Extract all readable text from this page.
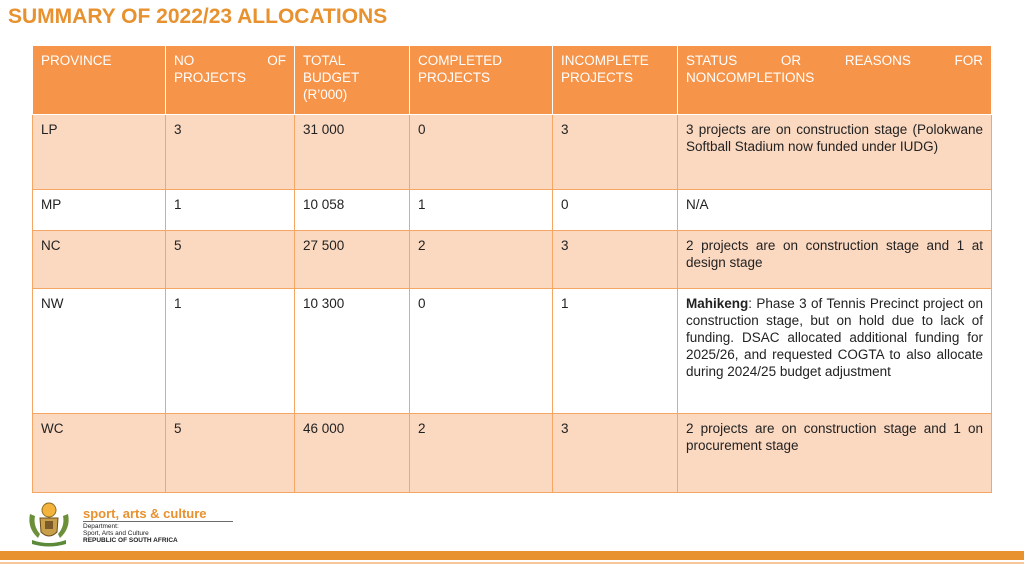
SUMMARY OF 2022/23 ALLOCATIONS
PROVINCE	NO OF PROJECTS	TOTAL BUDGET (R’000)	COMPLETED PROJECTS	INCOMPLETE PROJECTS	STATUS OR REASONS FOR NONCOMPLETIONS
LP	3	31 000	0	3	3 projects are on construction stage (Polokwane Softball Stadium now funded under IUDG)
MP	1	10 058	1	0	N/A
NC	5	27 500	2	3	2 projects are on construction stage and 1 at design stage
NW	1	10 300	0	1	Mahikeng: Phase 3 of Tennis Precinct project on construction stage, but on hold due to lack of funding. DSAC allocated additional funding for 2025/26, and requested COGTA to also allocate during 2024/25 budget adjustment
WC	5	46 000	2	3	2 projects are on construction stage and 1 on procurement stage
sport, arts & culture
Department:
Sport, Arts and Culture
REPUBLIC OF SOUTH AFRICA
